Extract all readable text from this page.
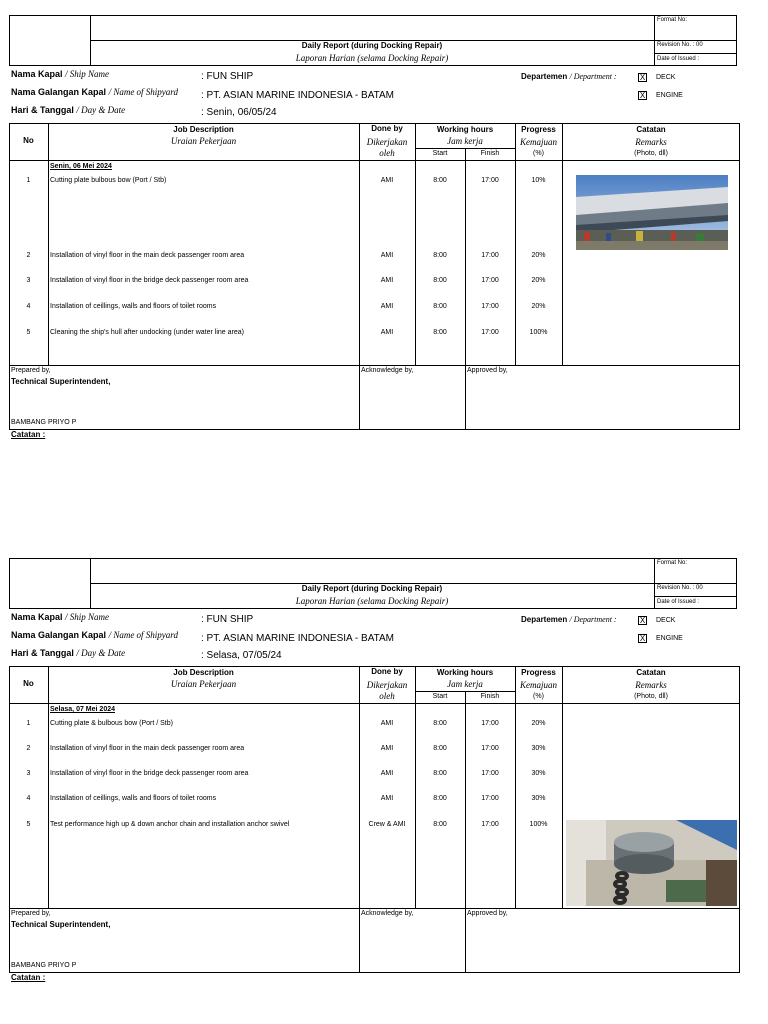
Format No:
Revision No. : 00
Date of Issued :
Daily Report (during Docking Repair)
Laporan Harian (selama Docking Repair)
Nama Kapal / Ship Name	: FUN SHIP
Nama Galangan Kapal / Name of Shipyard : PT. ASIAN MARINE INDONESIA - BATAM
Hari & Tanggal / Day & Date	: Senin, 06/05/24
Departemen / Department :	X DECK
X ENGINE
No
Job Description
Uraian Pekerjaan
Done by
Dikerjakan
oleh
Working hours
Jam kerja
Start	Finish
Progress
Kemajuan
(%)
Catatan
Remarks
(Photo, dll)
Senin, 06 Mei 2024
1	Cutting plate bulbous bow (Port / Stb)	AMI	8:00	17:00	10%
2	Installation of vinyl floor in the main deck passenger room area	AMI	8:00	17:00	20%
3	Installation of vinyl floor in the bridge deck passenger room area	AMI	8:00	17:00	20%
4	Installation of ceillings, walls and floors of toilet rooms	AMI	8:00	17:00	20%
5	Cleaning the ship's hull after undocking (under water line area)	AMI	8:00	17:00	100%
Prepared by,
Technical Superintendent,
Acknowledge by,	Approved by,
BAMBANG PRIYO P
Catatan :
Format No:
Revision No. : 00
Date of Issued :
Daily Report (during Docking Repair)
Laporan Harian (selama Docking Repair)
Nama Kapal / Ship Name	: FUN SHIP
Nama Galangan Kapal / Name of Shipyard : PT. ASIAN MARINE INDONESIA - BATAM
Hari & Tanggal / Day & Date	: Selasa, 07/05/24
Departemen / Department :	X DECK
X ENGINE
No
Job Description
Uraian Pekerjaan
Done by
Dikerjakan
oleh
Working hours
Jam kerja
Start	Finish
Progress
Kemajuan
(%)
Catatan
Remarks
(Photo, dll)
Selasa, 07 Mei 2024
1	Cutting plate & bulbous bow (Port / Stb)	AMI	8:00	17:00	20%
2	Installation of vinyl floor in the main deck passenger room area	AMI	8:00	17:00	30%
3	Installation of vinyl floor in the bridge deck passenger room area	AMI	8:00	17:00	30%
4	Installation of ceillings, walls and floors of toilet rooms	AMI	8:00	17:00	30%
5	Test performance high up & down anchor chain and installation anchor swivel	Crew & AMI	8:00	17:00	100%
Prepared by,
Technical Superintendent,
Acknowledge by,	Approved by,
BAMBANG PRIYO P
Catatan :
